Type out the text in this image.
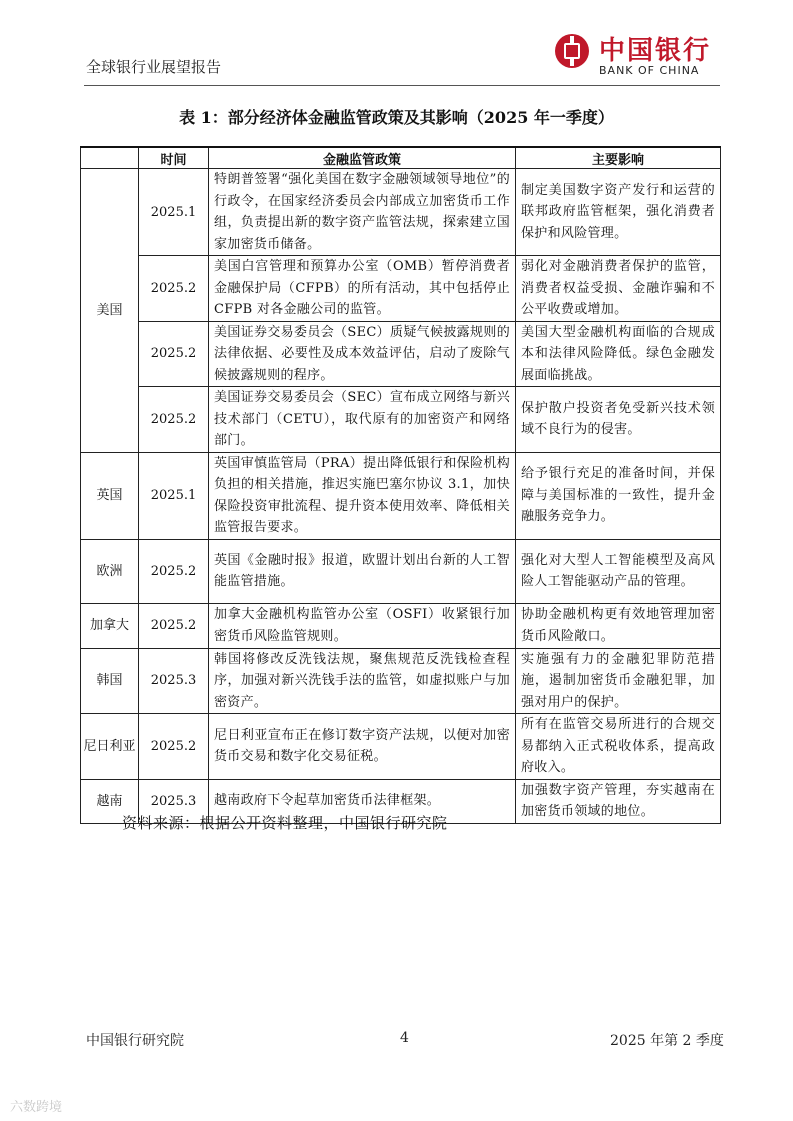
全球银行业展望报告
中国银行
BANK OF CHINA
表 1：部分经济体金融监管政策及其影响（2025 年一季度）
	时间	金融监管政策	主要影响
美国	2025.1	特朗普签署“强化美国在数字金融领域领导地位”的行政令，在国家经济委员会内部成立加密货币工作组，负责提出新的数字资产监管法规，探索建立国家加密货币储备。	制定美国数字资产发行和运营的联邦政府监管框架，强化消费者保护和风险管理。
	2025.2	美国白宫管理和预算办公室（OMB）暂停消费者金融保护局（CFPB）的所有活动，其中包括停止 CFPB 对各金融公司的监管。	弱化对金融消费者保护的监管，消费者权益受损、金融诈骗和不公平收费或增加。
	2025.2	美国证券交易委员会（SEC）质疑气候披露规则的法律依据、必要性及成本效益评估，启动了废除气候披露规则的程序。	美国大型金融机构面临的合规成本和法律风险降低。绿色金融发展面临挑战。
	2025.2	美国证券交易委员会（SEC）宣布成立网络与新兴技术部门（CETU），取代原有的加密资产和网络部门。	保护散户投资者免受新兴技术领域不良行为的侵害。
英国	2025.1	英国审慎监管局（PRA）提出降低银行和保险机构负担的相关措施，推迟实施巴塞尔协议 3.1，加快保险投资审批流程、提升资本使用效率、降低相关监管报告要求。	给予银行充足的准备时间，并保障与美国标准的一致性，提升金融服务竞争力。
欧洲	2025.2	英国《金融时报》报道，欧盟计划出台新的人工智能监管措施。	强化对大型人工智能模型及高风险人工智能驱动产品的管理。
加拿大	2025.2	加拿大金融机构监管办公室（OSFI）收紧银行加密货币风险监管规则。	协助金融机构更有效地管理加密货币风险敞口。
韩国	2025.3	韩国将修改反洗钱法规，聚焦规范反洗钱检查程序，加强对新兴洗钱手法的监管，如虚拟账户与加密资产。	实施强有力的金融犯罪防范措施，遏制加密货币金融犯罪，加强对用户的保护。
尼日利亚	2025.2	尼日利亚宣布正在修订数字资产法规，以便对加密货币交易和数字化交易征税。	所有在监管交易所进行的合规交易都纳入正式税收体系，提高政府收入。
越南	2025.3	越南政府下令起草加密货币法律框架。	加强数字资产管理，夯实越南在加密货币领域的地位。
资料来源：根据公开资料整理，中国银行研究院
中国银行研究院	4	2025 年第 2 季度
六数跨境
